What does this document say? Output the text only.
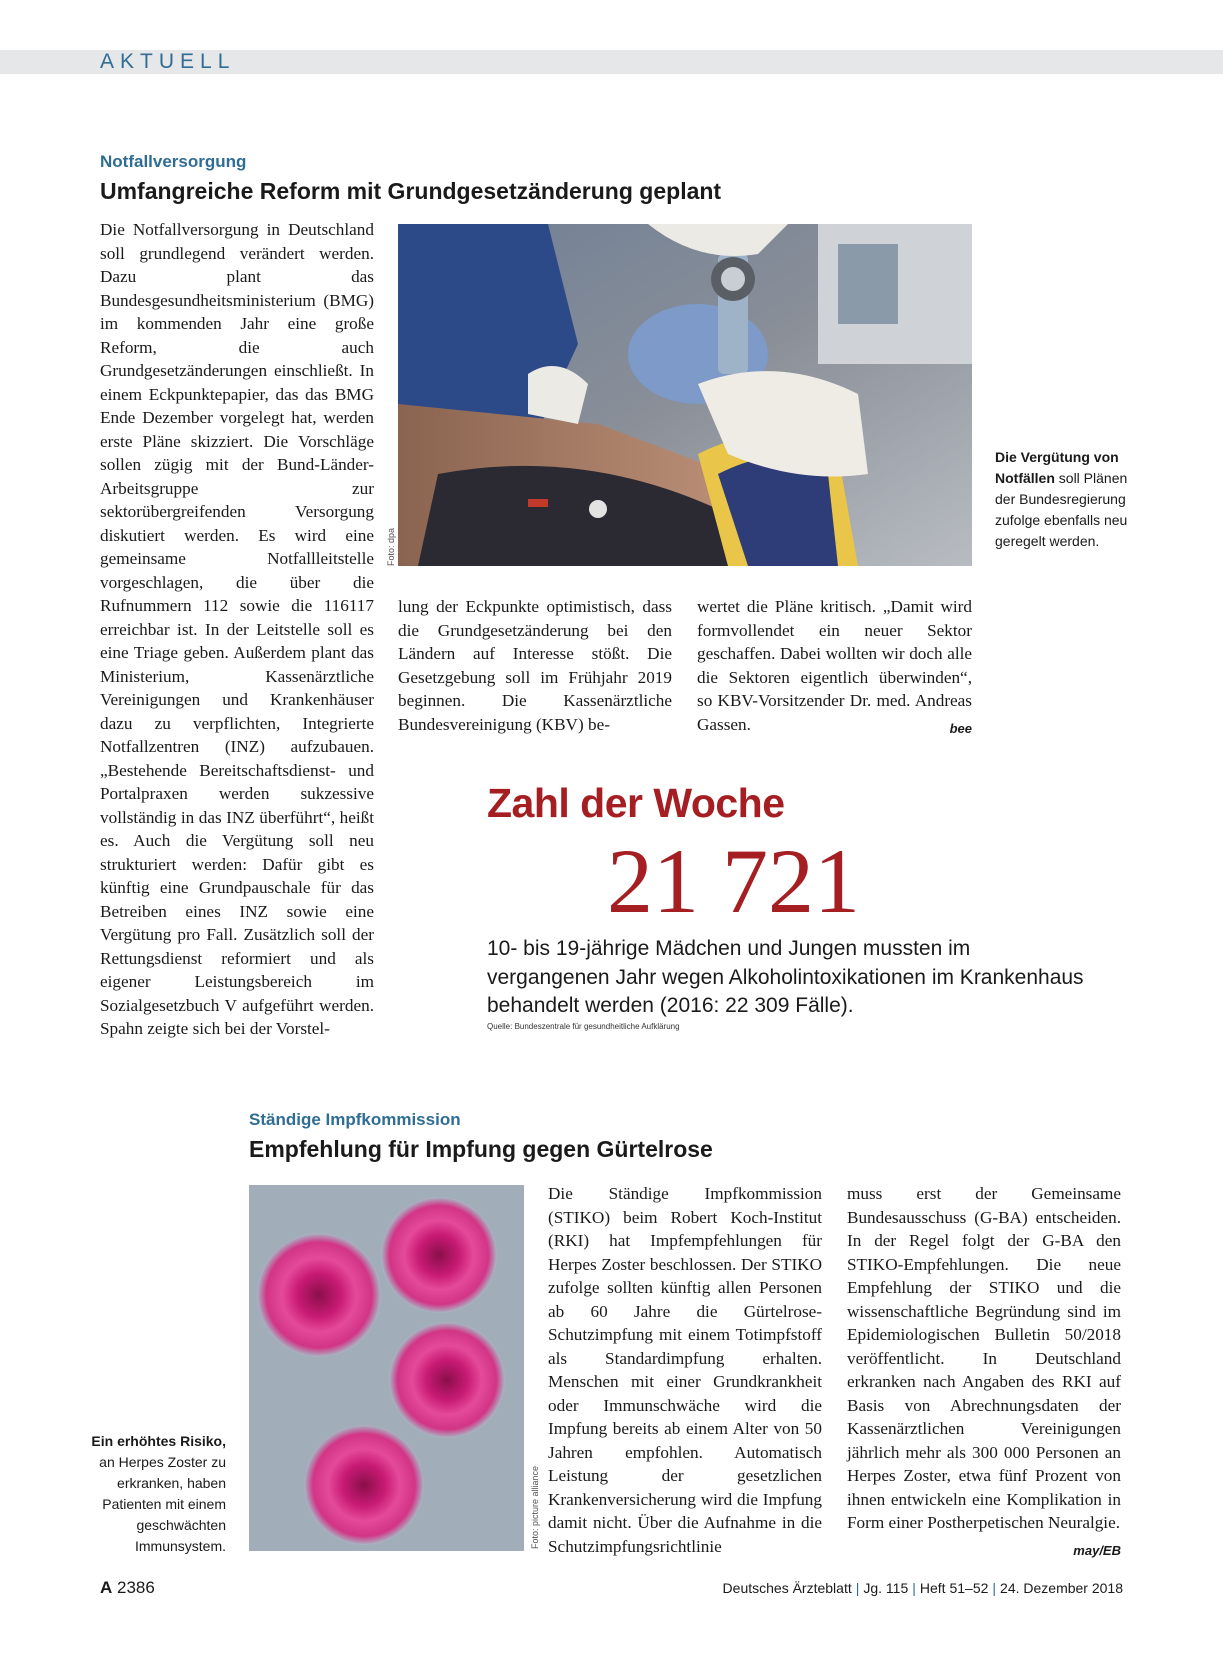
AKTUELL
Notfallversorgung
Umfangreiche Reform mit Grundgesetzänderung geplant

Die Notfallversorgung in Deutschland soll grundlegend verändert werden. Dazu plant das Bundesgesundheitsministerium (BMG) im kommenden Jahr eine große Reform, die auch Grundgesetzänderungen einschließt. In einem Eckpunktepapier, das das BMG Ende Dezember vorgelegt hat, werden erste Pläne skizziert. Die Vorschläge sollen zügig mit der Bund-Länder-Arbeitsgruppe zur sektorübergreifenden Versorgung diskutiert werden. Es wird eine gemeinsame Notfallleitstelle vorgeschlagen, die über die Rufnummern 112 sowie die 116117 erreichbar ist. In der Leitstelle soll es eine Triage geben. Außerdem plant das Ministerium, Kassenärztliche Vereinigungen und Krankenhäuser dazu zu verpflichten, Integrierte Notfallzentren (INZ) aufzubauen. „Bestehende Bereitschaftsdienst- und Portalpraxen werden sukzessive vollständig in das INZ überführt“, heißt es. Auch die Vergütung soll neu strukturiert werden: Dafür gibt es künftig eine Grundpauschale für das Betreiben eines INZ sowie eine Vergütung pro Fall. Zusätzlich soll der Rettungsdienst reformiert und als eigener Leistungsbereich im Sozialgesetzbuch V aufgeführt werden. Spahn zeigte sich bei der Vorstel-

Foto: dpa
Die Vergütung von Notfällen soll Plänen der Bundesregierung zufolge ebenfalls neu geregelt werden.

lung der Eckpunkte optimistisch, dass die Grundgesetzänderung bei den Ländern auf Interesse stößt. Die Gesetzgebung soll im Frühjahr 2019 beginnen. Die Kassenärztliche Bundesvereinigung (KBV) be-

wertet die Pläne kritisch. „Damit wird formvollendet ein neuer Sektor geschaffen. Dabei wollten wir doch alle die Sektoren eigentlich überwinden“, so KBV-Vorsitzender Dr. med. Andreas Gassen.	bee

Zahl der Woche
21 721
10- bis 19-jährige Mädchen und Jungen mussten im vergangenen Jahr wegen Alkoholintoxikationen im Krankenhaus behandelt werden (2016: 22 309 Fälle).
Quelle: Bundeszentrale für gesundheitliche Aufklärung
Ständige Impfkommission
Empfehlung für Impfung gegen Gürtelrose
Foto: picture alliance
Ein erhöhtes Risiko, an Herpes Zoster zu erkranken, haben Patienten mit einem geschwächten Immunsystem.

Die Ständige Impfkommission (STIKO) beim Robert Koch-Institut (RKI) hat Impfempfehlungen für Herpes Zoster beschlossen. Der STIKO zufolge sollten künftig allen Personen ab 60 Jahre die Gürtelrose-Schutzimpfung mit einem Totimpfstoff als Standardimpfung erhalten. Menschen mit einer Grundkrankheit oder Immunschwäche wird die Impfung bereits ab einem Alter von 50 Jahren empfohlen. Automatisch Leistung der gesetzlichen Krankenversicherung wird die Impfung damit nicht. Über die Aufnahme in die Schutzimpfungsrichtlinie

muss erst der Gemeinsame Bundesausschuss (G-BA) entscheiden. In der Regel folgt der G-BA den STIKO-Empfehlungen. Die neue Empfehlung der STIKO und die wissenschaftliche Begründung sind im Epidemiologischen Bulletin 50/2018 veröffentlicht. In Deutschland erkranken nach Angaben des RKI auf Basis von Abrechnungsdaten der Kassenärztlichen Vereinigungen jährlich mehr als 300 000 Personen an Herpes Zoster, etwa fünf Prozent von ihnen entwickeln eine Komplikation in Form einer Postherpetischen Neuralgie.
may/EB

A 2386	Deutsches Ärzteblatt | Jg. 115 | Heft 51–52 | 24. Dezember 2018
